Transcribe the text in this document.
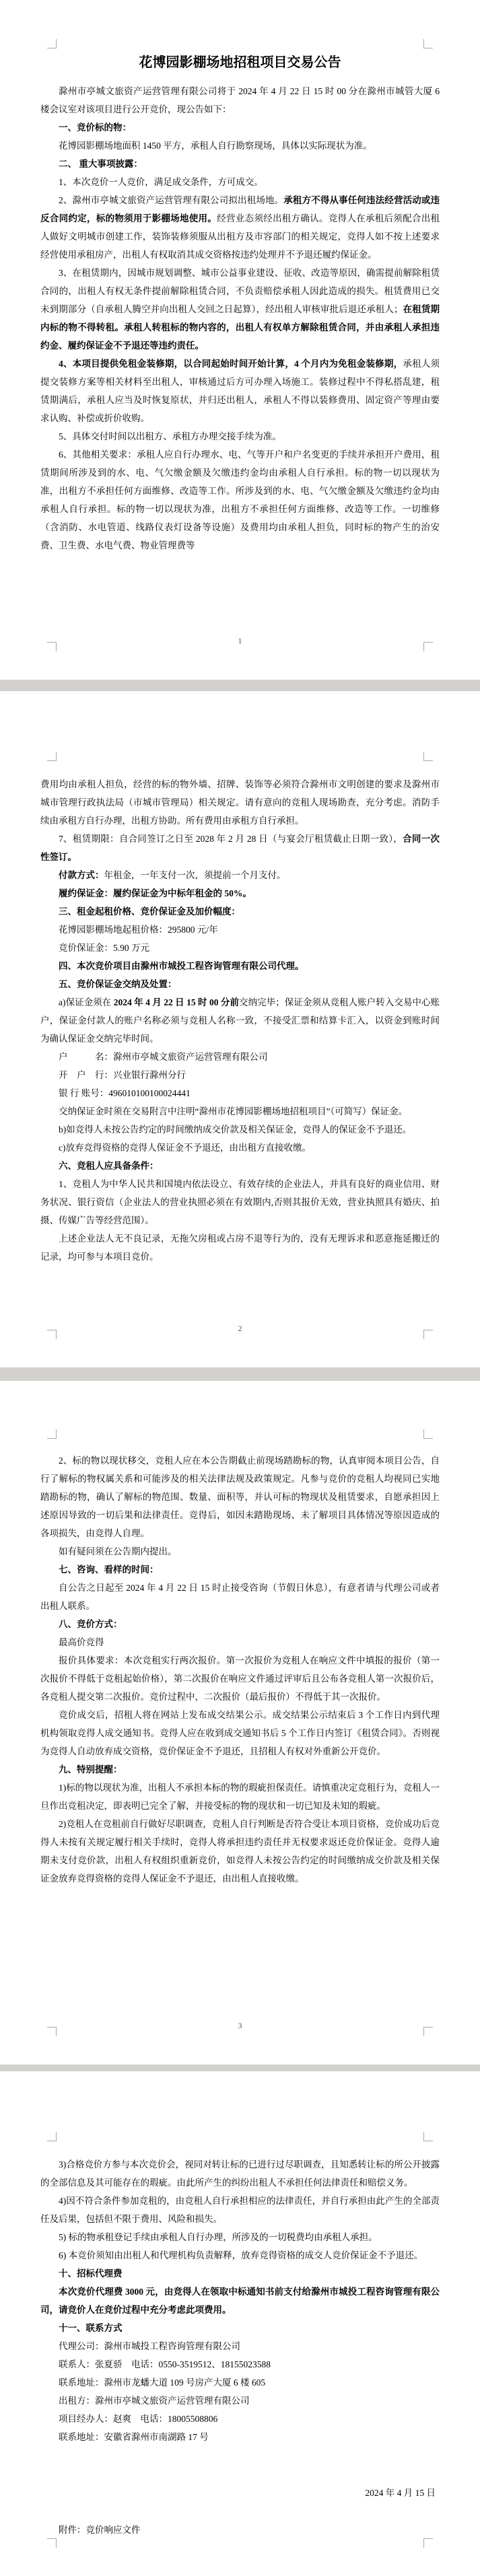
花博园影棚场地招租项目交易公告
滁州市亭城文旅资产运营管理有限公司将于 2024 年 4 月 22 日 15 时 00 分在滁州市城管大厦 6 楼会议室对该项目进行公开竞价，现公告如下：
一、竞价标的物：
花博园影棚场地面积 1450 平方，承租人自行勘察现场，具体以实际现状为准。
二、 重大事项披露：
1、本次竞价一人竞价，满足成交条件，方可成交。
2、滁州市亭城文旅资产运营管理有限公司拟出租场地。承租方不得从事任何违法经营活动或违反合同约定，标的物须用于影棚场地使用。经营业态须经出租方确认。竞得人在承租后须配合出租人做好文明城市创建工作，装饰装修须服从出租方及市容部门的相关规定，竞得人如不按上述要求经营使用承租房产，出租人有权取消其成交资格按违约处理并不予退还履约保证金。
3、在租赁期内，因城市规划调整、城市公益事业建设、征收、改造等原因，确需提前解除租赁合同的，出租人有权无条件提前解除租赁合同，不负责赔偿承租人因此造成的损失。租赁费用已交未到期部分（自承租人腾空并向出租人交回之日起算），经出租人审核审批后退还承租人；在租赁期内标的物不得转租。承租人转租标的物内容的，出租人有权单方解除租赁合同，并由承租人承担违约金、履约保证金不予退还等违约责任。
4、本项目提供免租金装修期，以合同起始时间开始计算，4 个月内为免租金装修期，承租人须提交装修方案等相关材料至出租人，审核通过后方可办理入场施工。装修过程中不得私搭乱建，租赁期满后，承租人应当及时恢复原状，并归还出租人，承租人不得以装修费用、固定资产等理由要求认购、补偿或折价收购。
5、具体交付时间以出租方、承租方办理交接手续为准。
6、其他相关要求：承租人应自行办理水、电、气等开户和户名变更的手续并承担开户费用，租赁期间所涉及到的水、电、气欠缴金额及欠缴违约金均由承租人自行承担。标的物一切以现状为准，出租方不承担任何方面维修、改造等工作。所涉及到的水、电、气欠缴金额及欠缴违约金均由承租人自行承担。标的物一切以现状为准，出租方不承担任何方面维修、改造等工作。一切维修（含消防、水电管道、线路仪表灯设备等设施）及费用均由承租人担负，同时标的物产生的治安费、卫生费、水电气费、物业管理费等
1
费用均由承租人担负，经营的标的物外墙、招牌、装饰等必须符合滁州市文明创建的要求及滁州市城市管理行政执法局（市城市管理局）相关规定。请有意向的竞租人现场勘查，充分考虑。消防手续由承租方自行办理，出租方协助。所有费用由承租方自行承担。
7、租赁期限：自合同签订之日至 2028 年 2 月 28 日（与宴会厅租赁截止日期一致），合同一次性签订。
付款方式：年租金，一年支付一次，须提前一个月支付。
履约保证金：履约保证金为中标年租金的 50%。
三、租金起租价格、竞价保证金及加价幅度：
花博园影棚场地起租价格：295800 元/年
竞价保证金：5.90 万元
四、本次竞价项目由滁州市城投工程咨询管理有限公司代理。
五、竞价保证金交纳及处置：
a)保证金须在 2024 年 4 月 22 日 15 时 00 分前交纳完毕；保证金须从竞租人账户转入交易中心账户，保证金付款人的账户名称必须与竞租人名称一致，不接受汇票和结算卡汇入，以资金到账时间为确认保证金交纳完毕时间。
户　　　名：滁州市亭城文旅资产运营管理有限公司
开　户　行：兴业银行滁州分行
银 行 账号：496010100100024441
交纳保证金时须在交易附言中注明“滁州市花博园影棚场地招租项目”（可简写）保证金。
b)如竞得人未按公告约定的时间缴纳成交价款及相关保证金，竞得人的保证金不予退还。
c)放弃竞得资格的竞得人保证金不予退还，由出租方直接收缴。
六、竞租人应具备条件：
1、竞租人为中华人民共和国境内依法设立、有效存续的企业法人，并具有良好的商业信用、财务状况、银行资信（企业法人的营业执照必须在有效期内,否则其报价无效，营业执照具有婚庆、拍摄、传媒广告等经营范围）。
上述企业法人无不良记录，无拖欠房租或占房不退等行为的，没有无理诉求和恶意拖延搬迁的记录，均可参与本项目竞价。
2
2、标的物以现状移交，竞租人应在本公告期截止前现场踏勘标的物，认真审阅本项目公告，自行了解标的物权属关系和可能涉及的相关法律法规及政策规定。凡参与竞价的竞租人均视同已实地踏勘标的物，确认了解标的物范围、数量、面积等，并认可标的物现状及租赁要求，自愿承担因上述原因导致的一切后果和法律责任。竞得后，如因未踏勘现场、未了解项目具体情况等原因造成的各项损失，由竞得人自理。
如有疑问须在公告期内提出。
七、咨询、看样的时间：
自公告之日起至 2024 年 4 月 22 日 15 时止接受咨询（节假日休息），有意者请与代理公司或者出租人联系。
八、竞价方式：
最高价竞得
报价具体要求：本次竞租实行两次报价。第一次报价为竞租人在响应文件中填报的报价（第一次报价不得低于竞租起始价格），第二次报价在响应文件通过评审后且公布各竞租人第一次报价后，各竞租人提交第二次报价。竞价过程中，二次报价（最后报价）不得低于其一次报价。
竞价成交后，招租人将在网站上发布成交结果公示。成交结果公示结束后 3 个工作日内到代理机构领取竞得人成交通知书。竞得人应在收到成交通知书后 5 个工作日内签订《租赁合同》。否则视为竞得人自动放弃成交资格，竞价保证金不予退还，且招租人有权对外重新公开竞价。
九、特别提醒：
1)标的物以现状为准，出租人不承担本标的物的瑕疵担保责任。请慎重决定竞租行为，竞租人一旦作出竞租决定，即表明已完全了解，并接受标的物的现状和一切已知及未知的瑕疵。
2)竞租人在竞租前自行做好尽职调查，竞租人自行判断是否符合受让本项目资格，竞价成功后竞得人未按有关规定履行相关手续时，竞得人将承担违约责任并无权要求返还竞价保证金。竞得人逾期未支付竞价款，出租人有权组织重新竞价，如竞得人未按公告约定的时间缴纳成交价款及相关保证金放弃竞得资格的竞得人保证金不予退还，由出租人直接收缴。
3
3)合格竞价方参与本次竞价会，视同对转让标的已进行过尽职调查，且知悉转让标的所公开披露的全部信息及其可能存在的瑕疵。由此所产生的纠纷出租人不承担任何法律责任和赔偿义务。
4)因不符合条件参加竞租的，由竞租人自行承担相应的法律责任，并自行承担由此产生的全部责任及后果，包括但不限于费用、风险和损失。
5) 标的物承租登记手续由承租人自行办理，所涉及的一切税费均由承租人承担。
6) 本竞价须知由出租人和代理机构负责解释，放弃竞得资格的成交人竞价保证金不予退还。
十、招标代理费
本次竞价代理费 3000 元，由竞得人在领取中标通知书前支付给滁州市城投工程咨询管理有限公司，请竞价人在竞价过程中充分考虑此项费用。
十一、联系方式
代理公司：滁州市城投工程咨询管理有限公司
联系人：张夏骄　电话：0550-3519512、18155023588
联系地址：滁州市龙蟠大道 109 号房产大厦 6 楼 605
出租方：滁州市亭城文旅资产运营管理有限公司
项目经办人：赵爽　电话：18005508806
联系地址：安徽省滁州市南湖路 17 号
2024 年 4 月 15 日
附件：竞价响应文件
